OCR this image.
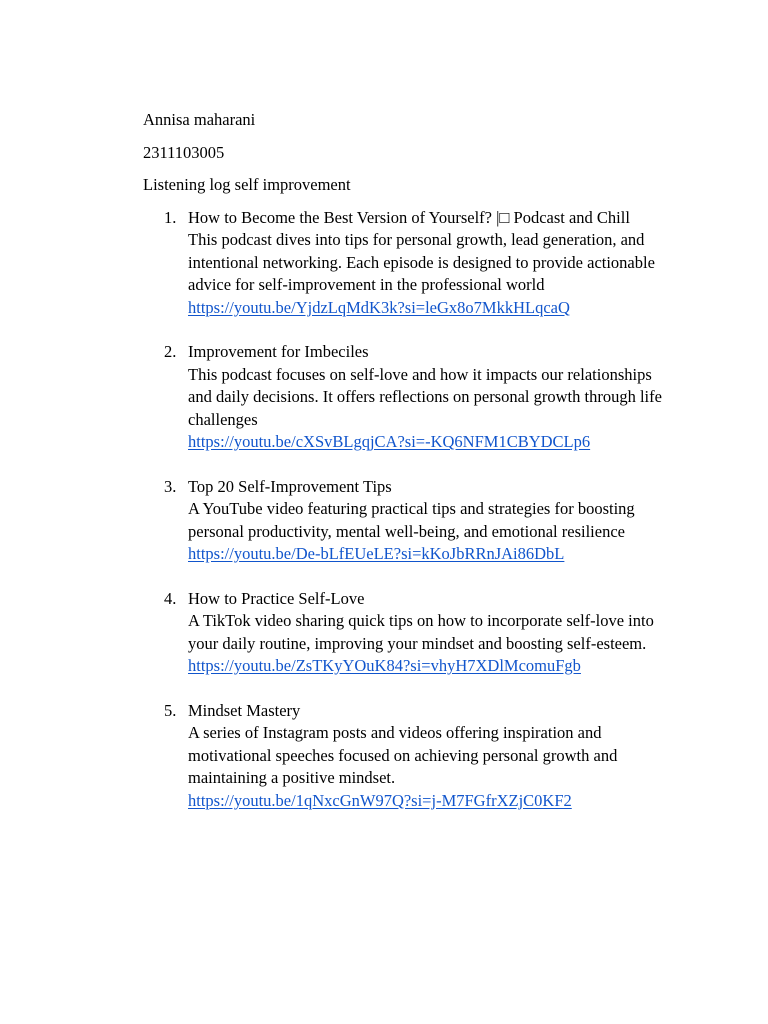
Annisa maharani
2311103005
Listening log self improvement
1. How to Become the Best Version of Yourself? |□ Podcast and Chill
This podcast dives into tips for personal growth, lead generation, and intentional networking. Each episode is designed to provide actionable advice for self-improvement in the professional world
https://youtu.be/YjdzLqMdK3k?si=leGx8o7MkkHLqcaQ
2. Improvement for Imbeciles
This podcast focuses on self-love and how it impacts our relationships and daily decisions. It offers reflections on personal growth through life challenges
https://youtu.be/cXSvBLgqjCA?si=-KQ6NFM1CBYDCLp6
3. Top 20 Self-Improvement Tips
A YouTube video featuring practical tips and strategies for boosting personal productivity, mental well-being, and emotional resilience
https://youtu.be/De-bLfEUeLE?si=kKoJbRRnJAi86DbL
4. How to Practice Self-Love
A TikTok video sharing quick tips on how to incorporate self-love into your daily routine, improving your mindset and boosting self-esteem.
https://youtu.be/ZsTKyYOuK84?si=vhyH7XDlMcomuFgb
5. Mindset Mastery
A series of Instagram posts and videos offering inspiration and motivational speeches focused on achieving personal growth and maintaining a positive mindset.
https://youtu.be/1qNxcGnW97Q?si=j-M7FGfrXZjC0KF2
